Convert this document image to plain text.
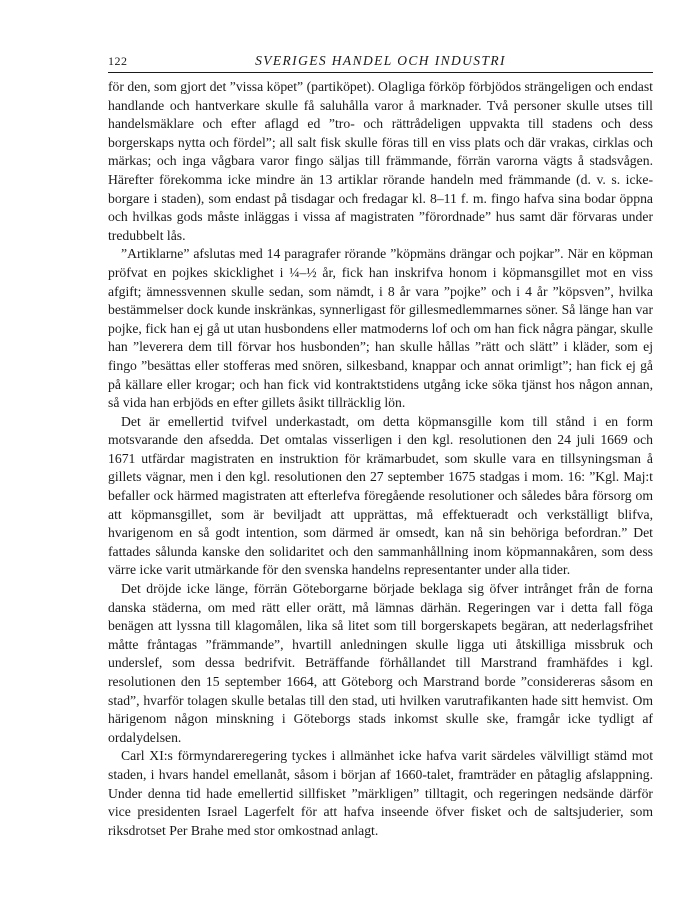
122	SVERIGES HANDEL OCH INDUSTRI

för den, som gjort det ”vissa köpet” (partiköpet). Olagliga förköp förbjödos strängeligen och endast handlande och hantverkare skulle få saluhålla varor å marknader. Två personer skulle utses till handelsmäklare och efter aflagd ed ”tro- och rättrådeligen uppvakta till stadens och dess borgerskaps nytta och fördel”; all salt fisk skulle föras till en viss plats och där vrakas, cirklas och märkas; och inga vågbara varor fingo säljas till främmande, förrän varorna vägts å stadsvågen. Härefter förekomma icke mindre än 13 artiklar rörande handeln med främmande (d. v. s. icke-borgare i staden), som endast på tisdagar och fredagar kl. 8–11 f. m. fingo hafva sina bodar öppna och hvilkas gods måste inläggas i vissa af magistraten ”förordnade” hus samt där förvaras under tredubbelt lås.

”Artiklarne” afslutas med 14 paragrafer rörande ”köpmäns drängar och pojkar”. När en köpman pröfvat en pojkes skicklighet i ¼–½ år, fick han inskrifva honom i köpmansgillet mot en viss afgift; ämnessvennen skulle sedan, som nämdt, i 8 år vara ”pojke” och i 4 år ”köpsven”, hvilka bestämmelser dock kunde inskränkas, synnerligast för gillesmedlemmarnes söner. Så länge han var pojke, fick han ej gå ut utan husbondens eller matmoderns lof och om han fick några pängar, skulle han ”leverera dem till förvar hos husbonden”; han skulle hållas ”rätt och slätt” i kläder, som ej fingo ”besättas eller stofferas med snören, silkesband, knappar och annat orimligt”; han fick ej gå på källare eller krogar; och han fick vid kontraktstidens utgång icke söka tjänst hos någon annan, så vida han erbjöds en efter gillets åsikt tillräcklig lön.

Det är emellertid tvifvel underkastadt, om detta köpmansgille kom till stånd i en form motsvarande den afsedda. Det omtalas visserligen i den kgl. resolutionen den 24 juli 1669 och 1671 utfärdar magistraten en instruktion för krämarbudet, som skulle vara en tillsyningsman å gillets vägnar, men i den kgl. resolutionen den 27 september 1675 stadgas i mom. 16: ”Kgl. Maj:t befaller ock härmed magistraten att efterlefva föregående resolutioner och således båra försorg om att köpmansgillet, som är beviljadt att upprättas, må effektueradt och verkställigt blifva, hvarigenom en så godt intention, som därmed är omsedt, kan nå sin behöriga befordran.” Det fattades sålunda kanske den solidaritet och den sammanhållning inom köpmannakåren, som dess värre icke varit utmärkande för den svenska handelns representanter under alla tider.

Det dröjde icke länge, förrän Göteborgarne började beklaga sig öfver intrånget från de forna danska städerna, om med rätt eller orätt, må lämnas därhän. Regeringen var i detta fall föga benägen att lyssna till klagomålen, lika så litet som till borgerskapets begäran, att nederlagsfrihet måtte fråntagas ”främmande”, hvartill anledningen skulle ligga uti åtskilliga missbruk och underslef, som dessa bedrifvit. Beträffande förhållandet till Marstrand framhäfdes i kgl. resolutionen den 15 september 1664, att Göteborg och Marstrand borde ”considereras såsom en stad”, hvarför tolagen skulle betalas till den stad, uti hvilken varutrafikanten hade sitt hemvist. Om härigenom någon minskning i Göteborgs stads inkomst skulle ske, framgår icke tydligt af ordalydelsen.

Carl XI:s förmyndareregering tyckes i allmänhet icke hafva varit särdeles välvilligt stämd mot staden, i hvars handel emellanåt, såsom i början af 1660-talet, framträder en påtaglig afslappning. Under denna tid hade emellertid sillfisket ”märkligen” tilltagit, och regeringen nedsände därför vice presidenten Israel Lagerfelt för att hafva inseende öfver fisket och de saltsjuderier, som riksdrotset Per Brahe med stor omkostnad anlagt.
